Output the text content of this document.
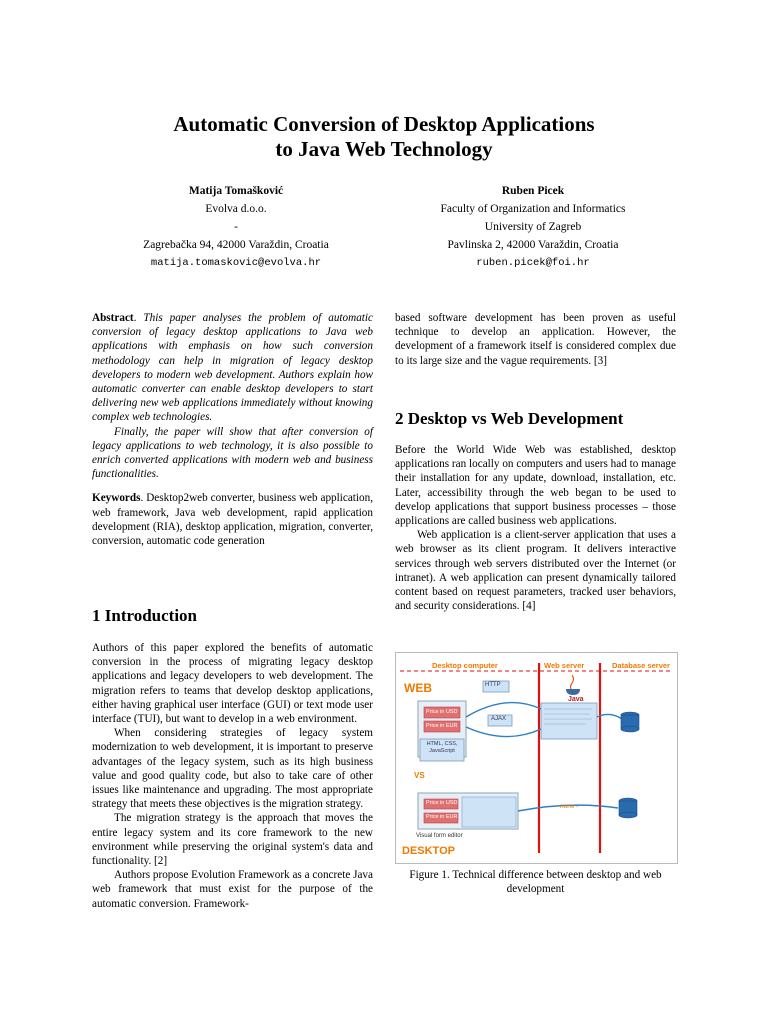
Automatic Conversion of Desktop Applications
to Java Web Technology
Matija Tomašković
Evolva d.o.o.
-
Zagrebačka 94, 42000 Varaždin, Croatia
matija.tomaskovic@evolva.hr
Ruben Picek
Faculty of Organization and Informatics
University of Zagreb
Pavlinska 2, 42000 Varaždin, Croatia
ruben.picek@foi.hr

Abstract. This paper analyses the problem of automatic conversion of legacy desktop applications to Java web applications with emphasis on how such conversion methodology can help in migration of legacy desktop developers to modern web development. Authors explain how automatic converter can enable desktop developers to start delivering new web applications immediately without knowing complex web technologies.

Finally, the paper will show that after conversion of legacy applications to web technology, it is also possible to enrich converted applications with modern web and business functionalities.

Keywords. Desktop2web converter, business web application, web framework, Java web development, rapid application development (RIA), desktop application, migration, converter, conversion, automatic code generation

1 Introduction

Authors of this paper explored the benefits of automatic conversion in the process of migrating legacy desktop applications and legacy developers to web development. The migration refers to teams that develop desktop applications, either having graphical user interface (GUI) or text mode user interface (TUI), but want to develop in a web environment.

When considering strategies of legacy system modernization to web development, it is important to preserve advantages of the legacy system, such as its high business value and good quality code, but also to take care of other issues like maintenance and upgrading. The most appropriate strategy that meets these objectives is the migration strategy.

The migration strategy is the approach that moves the entire legacy system and its core framework to the new environment while preserving the original system's data and functionality. [2]

Authors propose Evolution Framework as a concrete Java web framework that must exist for the purpose of the automatic conversion. Framework-

based software development has been proven as useful technique to develop an application. However, the development of a framework itself is considered complex due to its large size and the vague requirements. [3]

2 Desktop vs Web Development

Before the World Wide Web was established, desktop applications ran locally on computers and users had to manage their installation for any update, download, installation, etc. Later, accessibility through the web began to be used to develop applications that support business processes – those applications are called business web applications.

Web application is a client-server application that uses a web browser as its client program. It delivers interactive services through web servers distributed over the Internet (or intranet). A web application can present dynamically tailored content based on request parameters, tracked user behaviors, and security considerations. [4]

Desktop computer	Web server	Database server
WEB	HTTP
AJAX
Price in USD
Price in EUR
HTML, CSS, JavaScript
Java
VS
Price in USD
Price in EUR
- none -
Visual form editor
DESKTOP
Figure 1. Technical difference between desktop and web development
